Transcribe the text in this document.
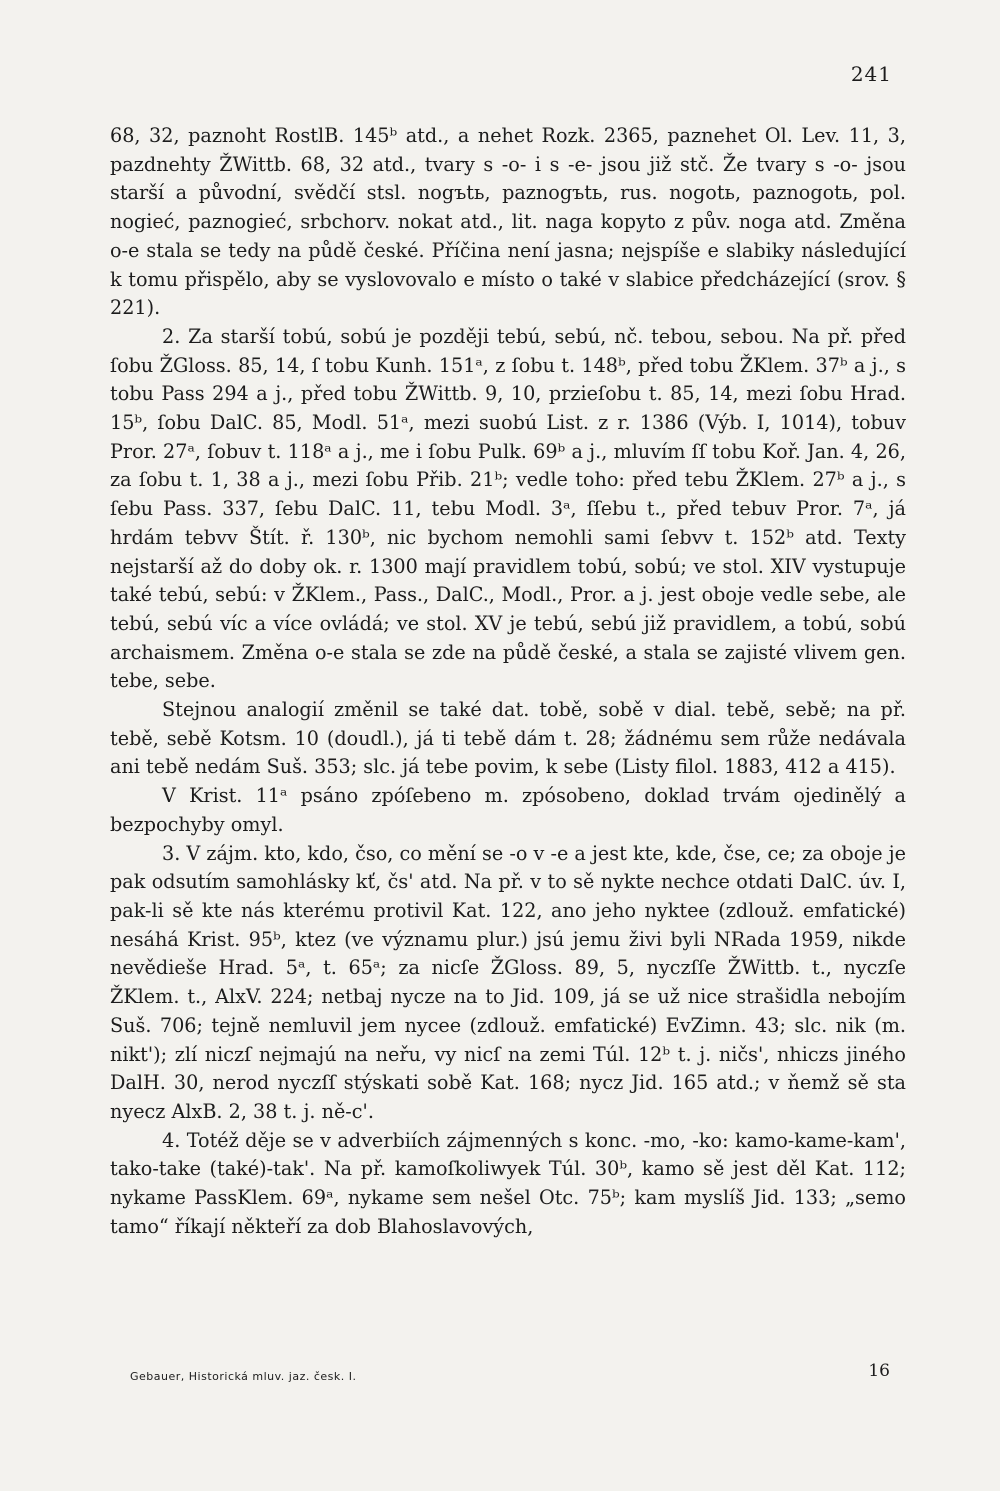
241

68, 32, paznoht RostlB. 145ᵇ atd., a nehet Rozk. 2365, paznehet Ol. Lev. 11, 3, pazdnehty ŽWittb. 68, 32 atd., tvary s -o- i s -e- jsou již stč. Že tvary s -o- jsou starší a původní, svědčí stsl. nogъtь, paznogъtь, rus. nogotь, paznogotь, pol. nogieć, paznogieć, srbchorv. nokat atd., lit. naga kopyto z pův. noga atd. Změna o-e stala se tedy na půdě české. Příčina není jasna; nejspíše e slabiky následující k tomu přispělo, aby se vyslovovalo e místo o také v slabice předcházející (srov. § 221).

2. Za starší tobú, sobú je později tebú, sebú, nč. tebou, sebou. Na př. před ſobu ŽGloss. 85, 14, ſ tobu Kunh. 151ᵃ, z ſobu t. 148ᵇ, před tobu ŽKlem. 37ᵇ a j., s tobu Pass 294 a j., před tobu ŽWittb. 9, 10, przieſobu t. 85, 14, mezi ſobu Hrad. 15ᵇ, ſobu DalC. 85, Modl. 51ᵃ, mezi suobú List. z r. 1386 (Výb. I, 1014), tobuv Pror. 27ᵃ, ſobuv t. 118ᵃ a j., me i ſobu Pulk. 69ᵇ a j., mluvím ſſ tobu Koř. Jan. 4, 26, za ſobu t. 1, 38 a j., mezi ſobu Přib. 21ᵇ; vedle toho: před tebu ŽKlem. 27ᵇ a j., s ſebu Pass. 337, ſebu DalC. 11, tebu Modl. 3ᵃ, ſſebu t., před tebuv Pror. 7ᵃ, já hrdám tebvv Štít. ř. 130ᵇ, nic bychom nemohli sami ſebvv t. 152ᵇ atd. Texty nejstarší až do doby ok. r. 1300 mají pravidlem tobú, sobú; ve stol. XIV vystupuje také tebú, sebú: v ŽKlem., Pass., DalC., Modl., Pror. a j. jest oboje vedle sebe, ale tebú, sebú víc a více ovládá; ve stol. XV je tebú, sebú již pravidlem, a tobú, sobú archaismem. Změna o-e stala se zde na půdě české, a stala se zajisté vlivem gen. tebe, sebe.

Stejnou analogií změnil se také dat. tobě, sobě v dial. tebě, sebě; na př. tebě, sebě Kotsm. 10 (doudl.), já ti tebě dám t. 28; žádnému sem růže nedávala ani tebě nedám Suš. 353; slc. já tebe povim, k sebe (Listy filol. 1883, 412 a 415).

V Krist. 11ᵃ psáno zpóſebeno m. zpósobeno, doklad trvám ojedinělý a bezpochyby omyl.

3. V zájm. kto, kdo, čso, co mění se -o v -e a jest kte, kde, čse, ce; za oboje je pak odsutím samohlásky kť, čs' atd. Na př. v to sě nykte nechce otdati DalC. úv. I, pak-li sě kte nás kterému protivil Kat. 122, ano jeho nyktee (zdlouž. emfatické) nesáhá Krist. 95ᵇ, ktez (ve významu plur.) jsú jemu živi byli NRada 1959, nikde nevědieše Hrad. 5ᵃ, t. 65ᵃ; za nicſe ŽGloss. 89, 5, nyczſſe ŽWittb. t., nyczſe ŽKlem. t., AlxV. 224; netbaj nycze na to Jid. 109, já se už nice strašidla nebojím Suš. 706; tejně nemluvil jem nycee (zdlouž. emfatické) EvZimn. 43; slc. nik (m. nikt'); zlí niczſ nejmajú na neřu, vy nicſ na zemi Túl. 12ᵇ t. j. ničs', nhiczs jiného DalH. 30, nerod nyczſſ stýskati sobě Kat. 168; nycz Jid. 165 atd.; v ňemž sě sta nyecz AlxB. 2, 38 t. j. ně-c'.

4. Totéž děje se v adverbiích zájmenných s konc. -mo, -ko: kamo-kame-kam', tako-take (také)-tak'. Na př. kamoſkoliwyek Túl. 30ᵇ, kamo sě jest děl Kat. 112; nykame PassKlem. 69ᵃ, nykame sem nešel Otc. 75ᵇ; kam myslíš Jid. 133; „semo tamo“ říkají někteří za dob Blahoslavových,

Gebauer, Historická mluv. jaz. česk. I.	16
